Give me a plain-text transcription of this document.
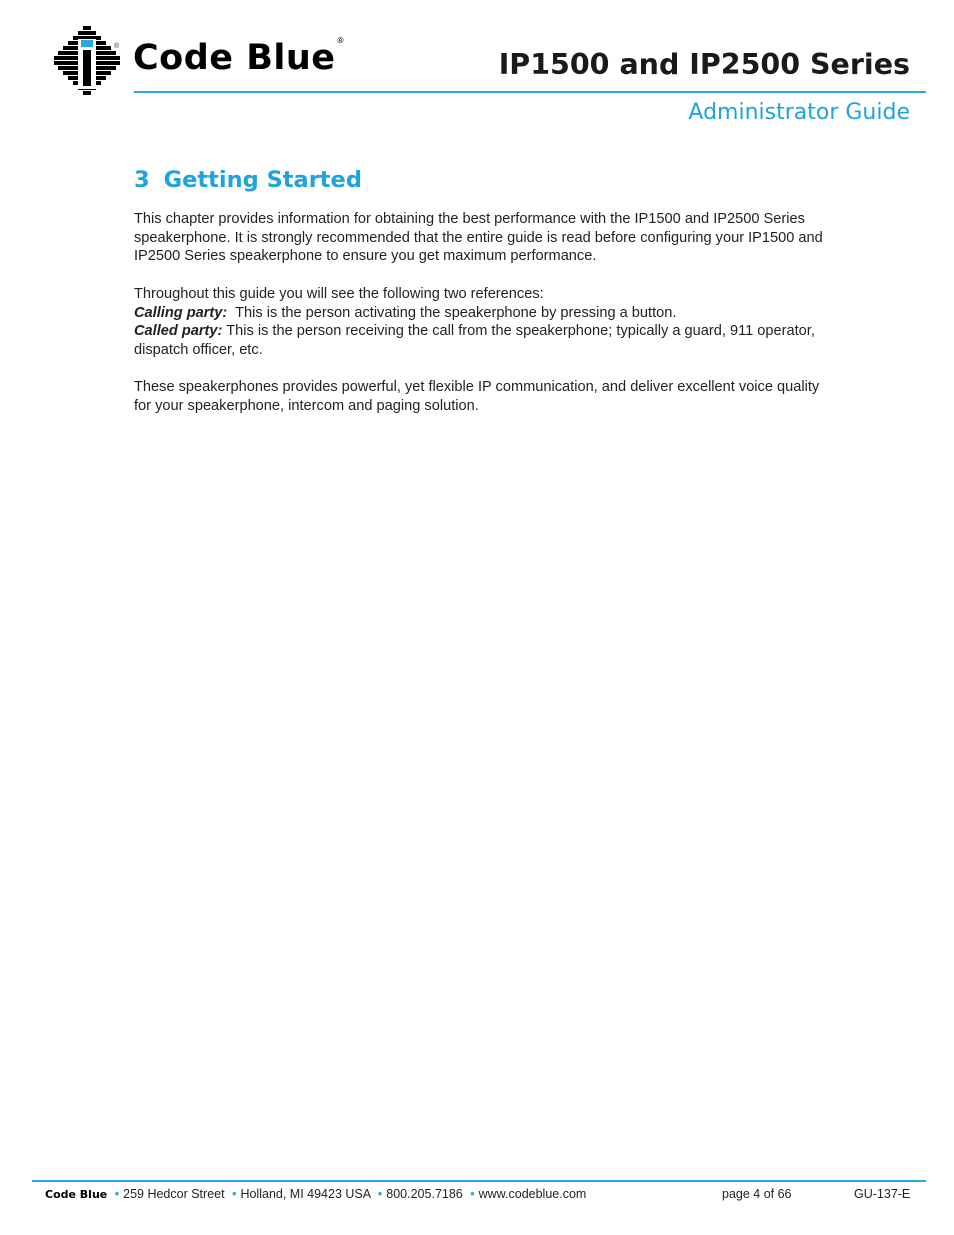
® Code Blue®
IP1500 and IP2500 Series
Administrator Guide
3 Getting Started

This chapter provides information for obtaining the best performance with the IP1500 and IP2500 Series speakerphone. It is strongly recommended that the entire guide is read before configuring your IP1500 and IP2500 Series speakerphone to ensure you get maximum performance.

Throughout this guide you will see the following two references:

Calling party: This is the person activating the speakerphone by pressing a button.

Called party: This is the person receiving the call from the speakerphone; typically a guard, 911 operator, dispatch officer, etc.

These speakerphones provides powerful, yet flexible IP communication, and deliver excellent voice quality for your speakerphone, intercom and paging solution.

Code Blue • 259 Hedcor Street • Holland, MI 49423 USA • 800.205.7186 • www.codeblue.com	page 4 of 66	GU-137-E
